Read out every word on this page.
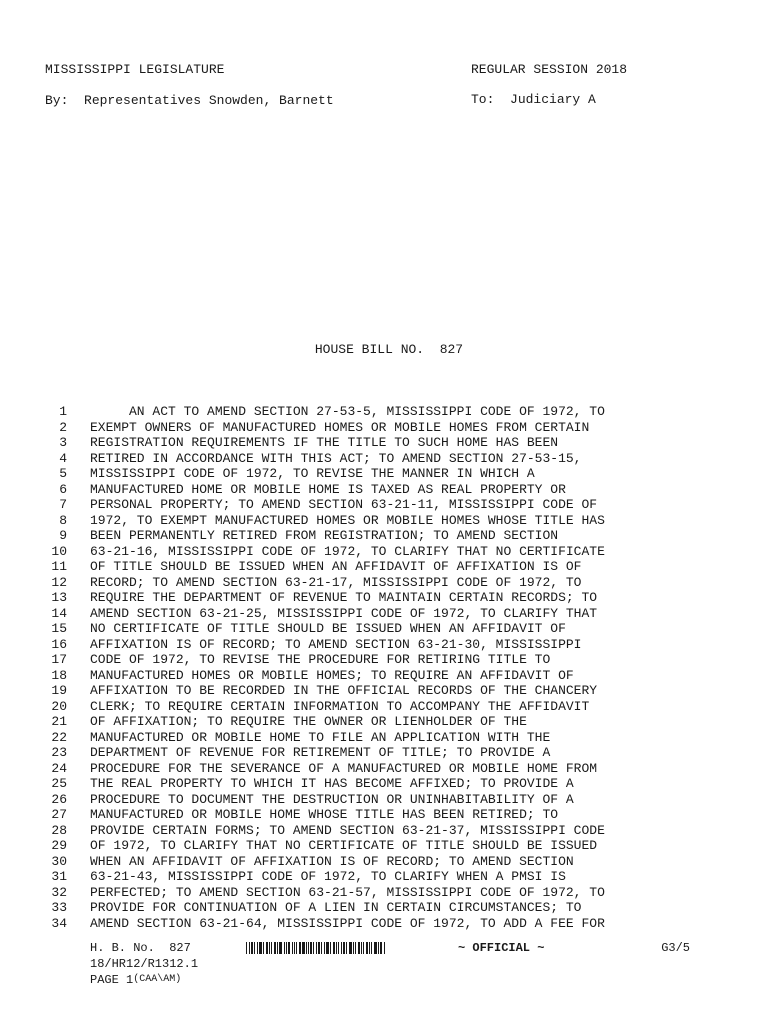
MISSISSIPPI LEGISLATURE	REGULAR SESSION 2018
By: Representatives Snowden, Barnett	To: Judiciary A
HOUSE BILL NO.  827
1 AN ACT TO AMEND SECTION 27-53-5, MISSISSIPPI CODE OF 1972, TO
2 EXEMPT OWNERS OF MANUFACTURED HOMES OR MOBILE HOMES FROM CERTAIN
3 REGISTRATION REQUIREMENTS IF THE TITLE TO SUCH HOME HAS BEEN
4 RETIRED IN ACCORDANCE WITH THIS ACT; TO AMEND SECTION 27-53-15,
5 MISSISSIPPI CODE OF 1972, TO REVISE THE MANNER IN WHICH A
6 MANUFACTURED HOME OR MOBILE HOME IS TAXED AS REAL PROPERTY OR
7 PERSONAL PROPERTY; TO AMEND SECTION 63-21-11, MISSISSIPPI CODE OF
8 1972, TO EXEMPT MANUFACTURED HOMES OR MOBILE HOMES WHOSE TITLE HAS
9 BEEN PERMANENTLY RETIRED FROM REGISTRATION; TO AMEND SECTION
10 63-21-16, MISSISSIPPI CODE OF 1972, TO CLARIFY THAT NO CERTIFICATE
11 OF TITLE SHOULD BE ISSUED WHEN AN AFFIDAVIT OF AFFIXATION IS OF
12 RECORD; TO AMEND SECTION 63-21-17, MISSISSIPPI CODE OF 1972, TO
13 REQUIRE THE DEPARTMENT OF REVENUE TO MAINTAIN CERTAIN RECORDS; TO
14 AMEND SECTION 63-21-25, MISSISSIPPI CODE OF 1972, TO CLARIFY THAT
15 NO CERTIFICATE OF TITLE SHOULD BE ISSUED WHEN AN AFFIDAVIT OF
16 AFFIXATION IS OF RECORD; TO AMEND SECTION 63-21-30, MISSISSIPPI
17 CODE OF 1972, TO REVISE THE PROCEDURE FOR RETIRING TITLE TO
18 MANUFACTURED HOMES OR MOBILE HOMES; TO REQUIRE AN AFFIDAVIT OF
19 AFFIXATION TO BE RECORDED IN THE OFFICIAL RECORDS OF THE CHANCERY
20 CLERK; TO REQUIRE CERTAIN INFORMATION TO ACCOMPANY THE AFFIDAVIT
21 OF AFFIXATION; TO REQUIRE THE OWNER OR LIENHOLDER OF THE
22 MANUFACTURED OR MOBILE HOME TO FILE AN APPLICATION WITH THE
23 DEPARTMENT OF REVENUE FOR RETIREMENT OF TITLE; TO PROVIDE A
24 PROCEDURE FOR THE SEVERANCE OF A MANUFACTURED OR MOBILE HOME FROM
25 THE REAL PROPERTY TO WHICH IT HAS BECOME AFFIXED; TO PROVIDE A
26 PROCEDURE TO DOCUMENT THE DESTRUCTION OR UNINHABITABILITY OF A
27 MANUFACTURED OR MOBILE HOME WHOSE TITLE HAS BEEN RETIRED; TO
28 PROVIDE CERTAIN FORMS; TO AMEND SECTION 63-21-37, MISSISSIPPI CODE
29 OF 1972, TO CLARIFY THAT NO CERTIFICATE OF TITLE SHOULD BE ISSUED
30 WHEN AN AFFIDAVIT OF AFFIXATION IS OF RECORD; TO AMEND SECTION
31 63-21-43, MISSISSIPPI CODE OF 1972, TO CLARIFY WHEN A PMSI IS
32 PERFECTED; TO AMEND SECTION 63-21-57, MISSISSIPPI CODE OF 1972, TO
33 PROVIDE FOR CONTINUATION OF A LIEN IN CERTAIN CIRCUMSTANCES; TO
34 AMEND SECTION 63-21-64, MISSISSIPPI CODE OF 1972, TO ADD A FEE FOR
H. B. No.  827	~ OFFICIAL ~	G3/5
18/HR12/R1312.1
PAGE 1 (CAA\AM)
